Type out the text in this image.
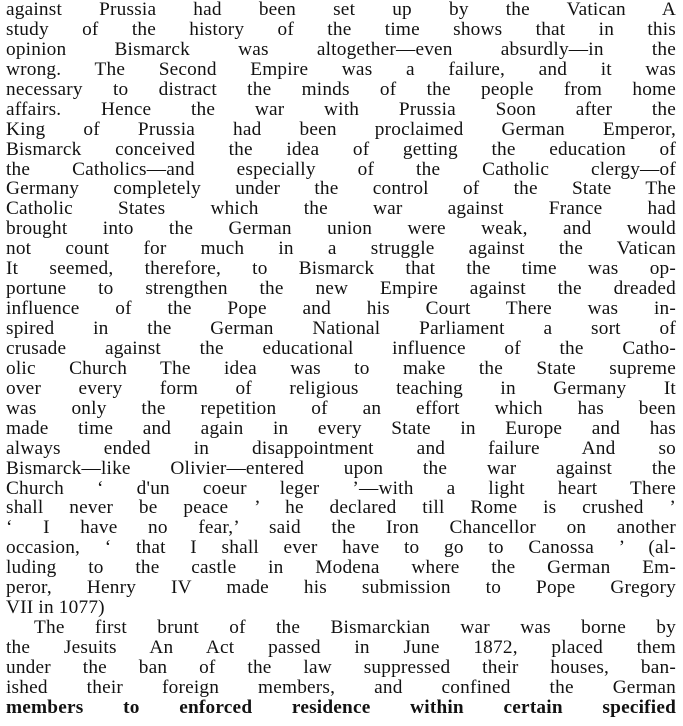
against Prussia had been set up by the Vatican A
study of the history of the time shows that in this
opinion Bismarck was altogether—even absurdly—in the
wrong. The Second Empire was a failure, and it was
necessary to distract the minds of the people from home
affairs. Hence the war with Prussia Soon after the
King of Prussia had been proclaimed German Emperor,
Bismarck conceived the idea of getting the education of
the Catholics—and especially of the Catholic clergy—of
Germany completely under the control of the State The
Catholic States which the war against France had
brought into the German union were weak, and would
not count for much in a struggle against the Vatican
It seemed, therefore, to Bismarck that the time was op-
portune to strengthen the new Empire against the dreaded
influence of the Pope and his Court There was in-
spired in the German National Parliament a sort of
crusade against the educational influence of the Catho-
olic Church The idea was to make the State supreme
over every form of religious teaching in Germany It
was only the repetition of an effort which has been
made time and again in every State in Europe and has
always ended in disappointment and failure And so
Bismarck—like Olivier—entered upon the war against the
Church ‘ d'un coeur leger ’—with a light heart There
shall never be peace ’ he declared till Rome is crushed ’
‘ I have no fear,’ said the Iron Chancellor on another
occasion, ‘ that I shall ever have to go to Canossa ’ (al-
luding to the castle in Modena where the German Em-
peror, Henry IV made his submission to Pope Gregory
VII in 1077)
The first brunt of the Bismarckian war was borne by
the Jesuits An Act passed in June 1872, placed them
under the ban of the law suppressed their houses, ban-
ished their foreign members, and confined the German
members to enforced residence within certain specified
